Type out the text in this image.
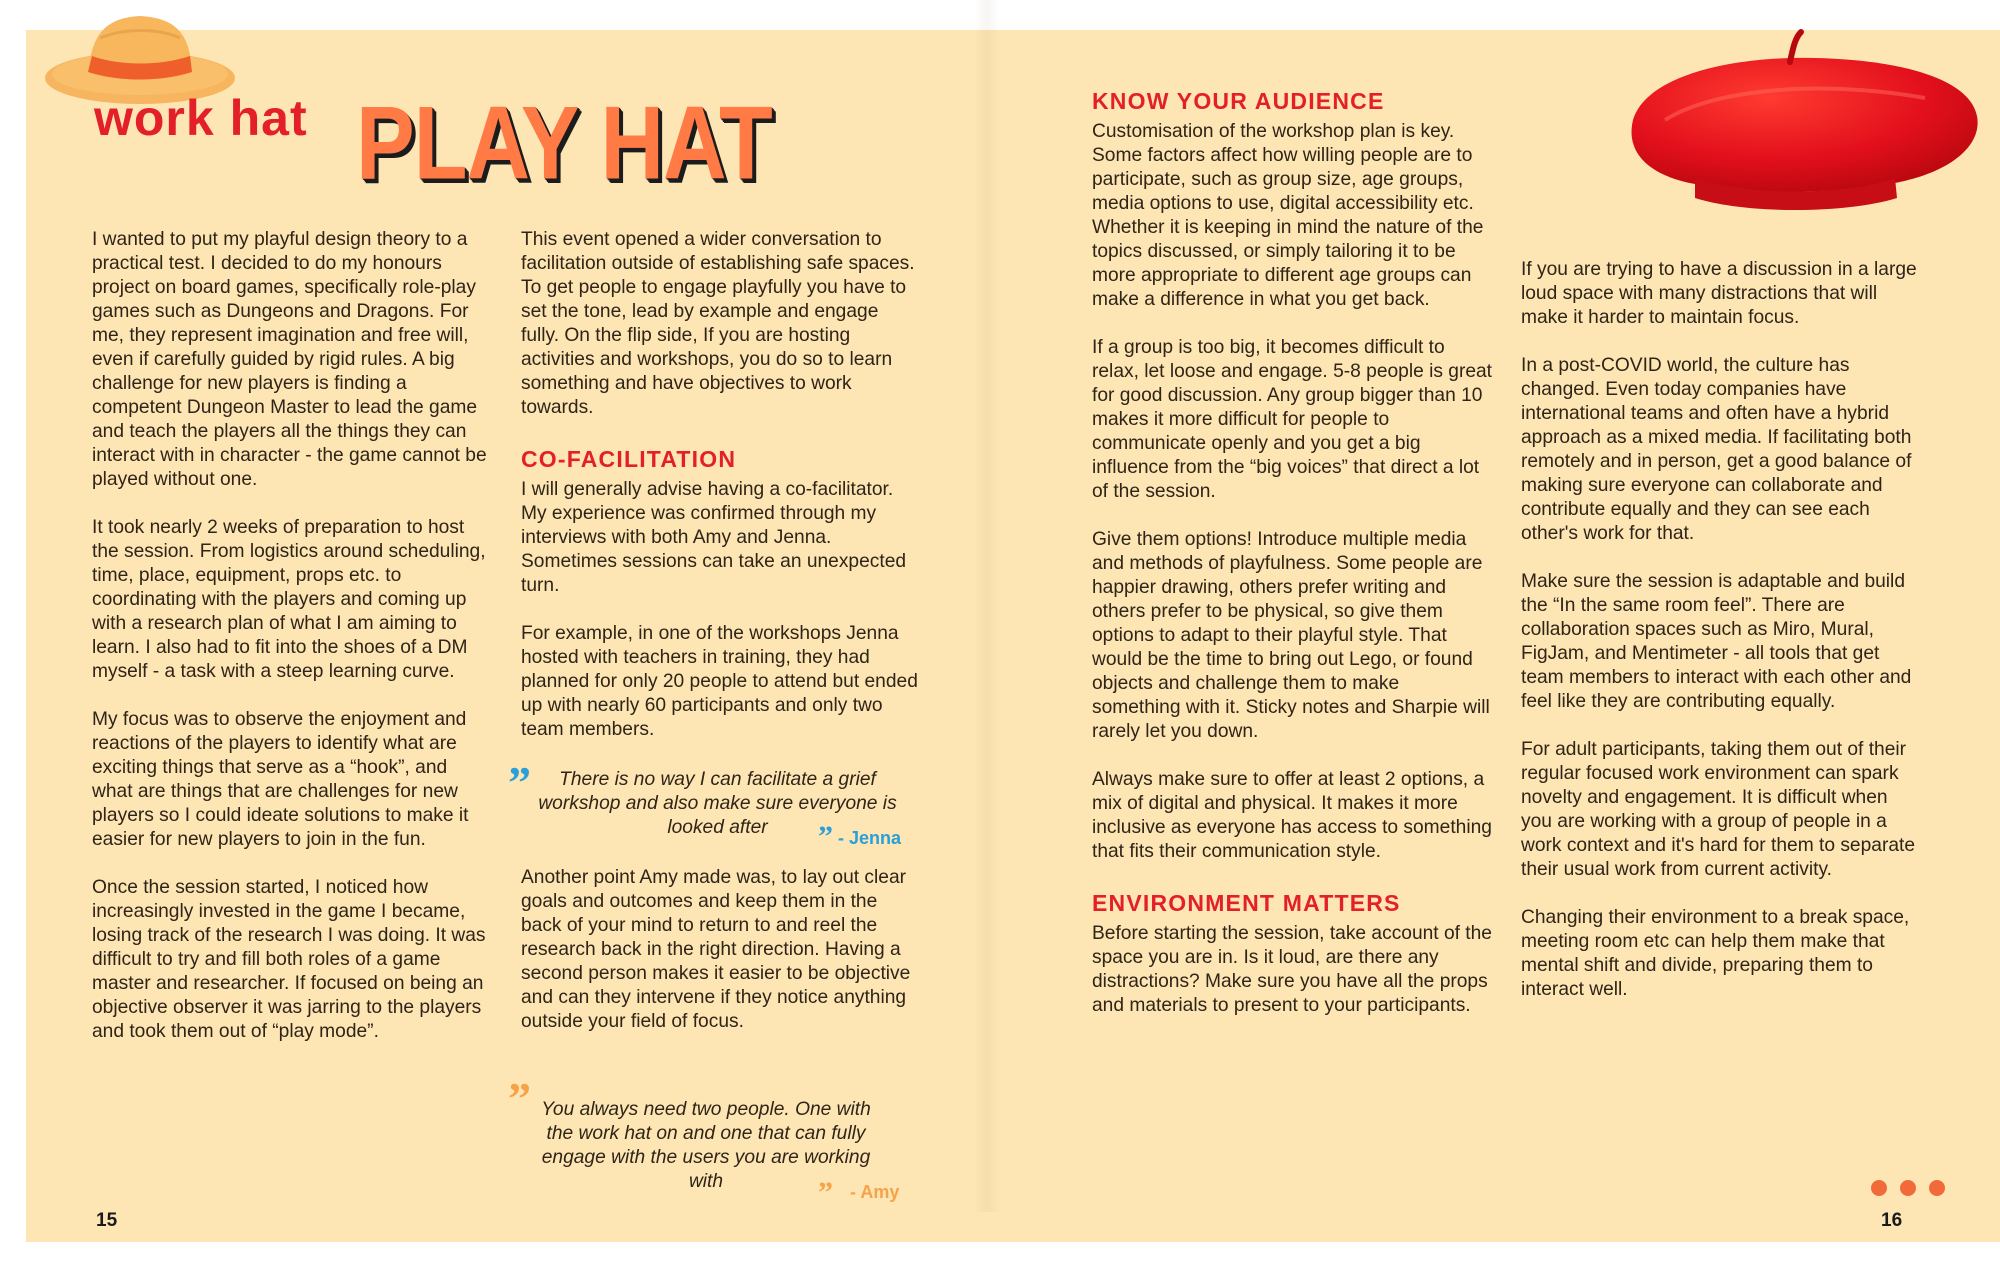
work hat PLAY HAT

I wanted to put my playful design theory to a practical test. I decided to do my honours project on board games, specifically role-play games such as Dungeons and Dragons. For me, they represent imagination and free will, even if carefully guided by rigid rules. A big challenge for new players is finding a competent Dungeon Master to lead the game and teach the players all the things they can interact with in character - the game cannot be played without one.

It took nearly 2 weeks of preparation to host the session. From logistics around scheduling, time, place, equipment, props etc. to coordinating with the players and coming up with a research plan of what I am aiming to learn. I also had to fit into the shoes of a DM myself - a task with a steep learning curve.

My focus was to observe the enjoyment and reactions of the players to identify what are exciting things that serve as a “hook”, and what are things that are challenges for new players so I could ideate solutions to make it easier for new players to join in the fun.

Once the session started, I noticed how increasingly invested in the game I became, losing track of the research I was doing. It was difficult to try and fill both roles of a game master and researcher. If focused on being an objective observer it was jarring to the players and took them out of “play mode”.

This event opened a wider conversation to facilitation outside of establishing safe spaces. To get people to engage playfully you have to set the tone, lead by example and engage fully. On the flip side, If you are hosting activities and workshops, you do so to learn something and have objectives to work towards.

CO-FACILITATION

I will generally advise having a co-facilitator. My experience was confirmed through my interviews with both Amy and Jenna. Sometimes sessions can take an unexpected turn.

For example, in one of the workshops Jenna hosted with teachers in training, they had planned for only 20 people to attend but ended up with nearly 60 participants and only two team members.

”	There is no way I can facilitate a grief workshop and also make sure everyone is looked after	” - Jenna

Another point Amy made was, to lay out clear goals and outcomes and keep them in the back of your mind to return to and reel the research back in the right direction. Having a second person makes it easier to be objective and can they intervene if they notice anything outside your field of focus.

” You always need two people. One with the work hat on and one that can fully engage with the users you are working with	” - Amy
15
KNOW YOUR AUDIENCE

Customisation of the workshop plan is key. Some factors affect how willing people are to participate, such as group size, age groups, media options to use, digital accessibility etc. Whether it is keeping in mind the nature of the topics discussed, or simply tailoring it to be more appropriate to different age groups can make a difference in what you get back.

If a group is too big, it becomes difficult to relax, let loose and engage. 5-8 people is great for good discussion. Any group bigger than 10 makes it more difficult for people to communicate openly and you get a big influence from the “big voices” that direct a lot of the session.

Give them options! Introduce multiple media and methods of playfulness. Some people are happier drawing, others prefer writing and others prefer to be physical, so give them options to adapt to their playful style. That would be the time to bring out Lego, or found objects and challenge them to make something with it. Sticky notes and Sharpie will rarely let you down.

Always make sure to offer at least 2 options, a mix of digital and physical. It makes it more inclusive as everyone has access to something that fits their communication style.

ENVIRONMENT MATTERS

Before starting the session, take account of the space you are in. Is it loud, are there any distractions? Make sure you have all the props and materials to present to your participants.

If you are trying to have a discussion in a large loud space with many distractions that will make it harder to maintain focus.

In a post-COVID world, the culture has changed. Even today companies have international teams and often have a hybrid approach as a mixed media. If facilitating both remotely and in person, get a good balance of making sure everyone can collaborate and contribute equally and they can see each other's work for that.

Make sure the session is adaptable and build the “In the same room feel”. There are collaboration spaces such as Miro, Mural, FigJam, and Mentimeter - all tools that get team members to interact with each other and feel like they are contributing equally.

For adult participants, taking them out of their regular focused work environment can spark novelty and engagement. It is difficult when you are working with a group of people in a work context and it's hard for them to separate their usual work from current activity.

Changing their environment to a break space, meeting room etc can help them make that mental shift and divide, preparing them to interact well.

16
